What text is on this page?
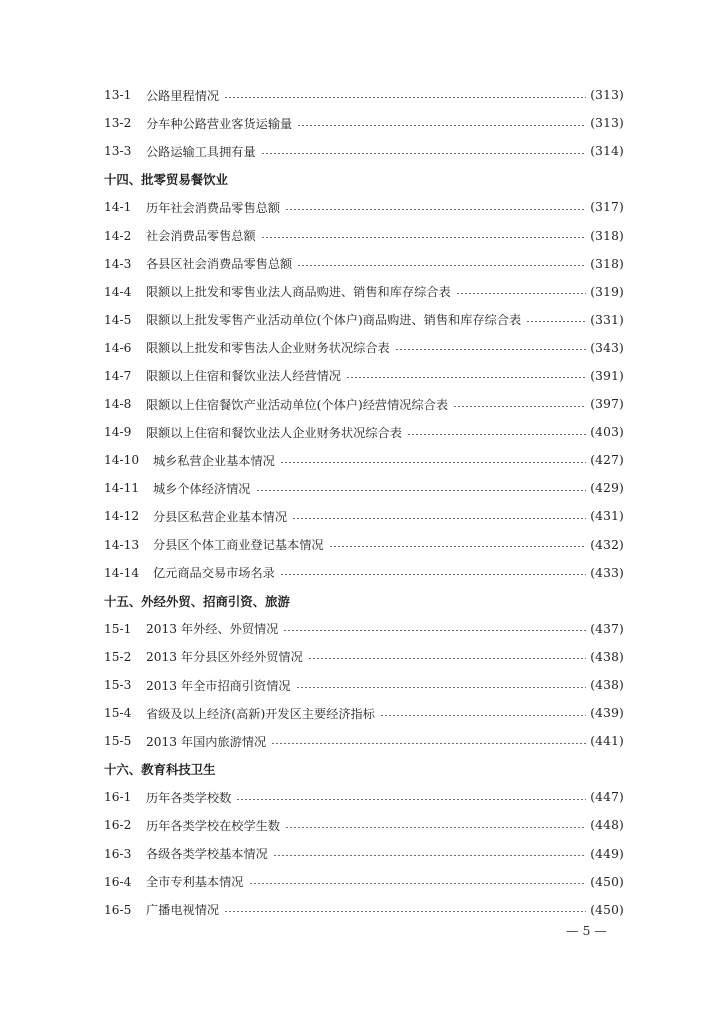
13-1	公路里程情况	(313)
13-2	分车种公路营业客货运输量	(313)
13-3	公路运输工具拥有量	(314)
十四、批零贸易餐饮业
14-1	历年社会消费品零售总额	(317)
14-2	社会消费品零售总额	(318)
14-3	各县区社会消费品零售总额	(318)
14-4	限额以上批发和零售业法人商品购进、销售和库存综合表	(319)
14-5	限额以上批发零售产业活动单位(个体户)商品购进、销售和库存综合表	(331)
14-6	限额以上批发和零售法人企业财务状况综合表	(343)
14-7	限额以上住宿和餐饮业法人经营情况	(391)
14-8	限额以上住宿餐饮产业活动单位(个体户)经营情况综合表	(397)
14-9	限额以上住宿和餐饮业法人企业财务状况综合表	(403)
14-10	城乡私营企业基本情况	(427)
14-11	城乡个体经济情况	(429)
14-12	分县区私营企业基本情况	(431)
14-13	分县区个体工商业登记基本情况	(432)
14-14	亿元商品交易市场名录	(433)
十五、外经外贸、招商引资、旅游
15-1	2013 年外经、外贸情况	(437)
15-2	2013 年分县区外经外贸情况	(438)
15-3	2013 年全市招商引资情况	(438)
15-4	省级及以上经济(高新)开发区主要经济指标	(439)
15-5	2013 年国内旅游情况	(441)
十六、教育科技卫生
16-1	历年各类学校数	(447)
16-2	历年各类学校在校学生数	(448)
16-3	各级各类学校基本情况	(449)
16-4	全市专利基本情况	(450)
16-5	广播电视情况	(450)
— 5 —
